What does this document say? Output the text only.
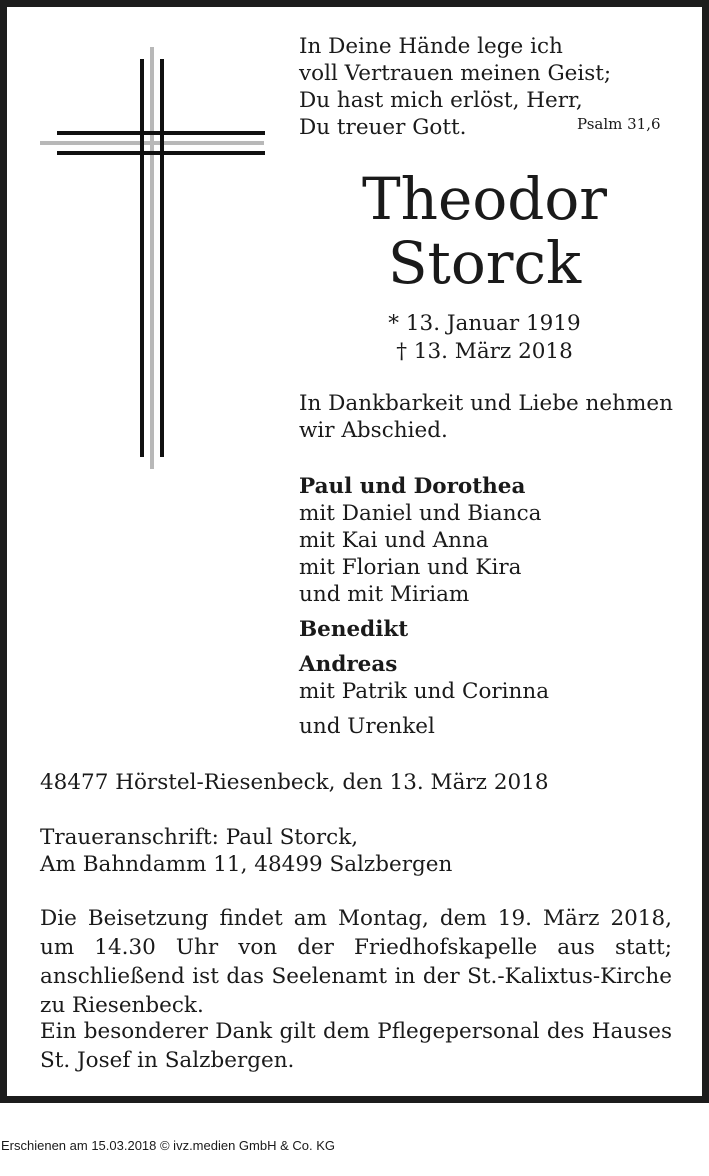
In Deine Hände lege ich
voll Vertrauen meinen Geist;
Du hast mich erlöst, Herr,
Du treuer Gott.	Psalm 31,6
Theodor
Storck
* 13. Januar 1919
† 13. März 2018
In Dankbarkeit und Liebe nehmen
wir Abschied.
Paul und Dorothea
mit Daniel und Bianca
mit Kai und Anna
mit Florian und Kira
und mit Miriam
Benedikt
Andreas
mit Patrik und Corinna
und Urenkel
48477 Hörstel-Riesenbeck, den 13. März 2018
Traueranschrift: Paul Storck,
Am Bahndamm 11, 48499 Salzbergen
Die Beisetzung findet am Montag, dem 19. März 2018, um 14.30 Uhr von der Friedhofskapelle aus statt; anschließend ist das Seelenamt in der St.-Kalixtus-Kirche zu Riesenbeck.
Ein besonderer Dank gilt dem Pflegepersonal des Hauses St. Josef in Salzbergen.
Erschienen am 15.03.2018 © ivz.medien GmbH & Co. KG
